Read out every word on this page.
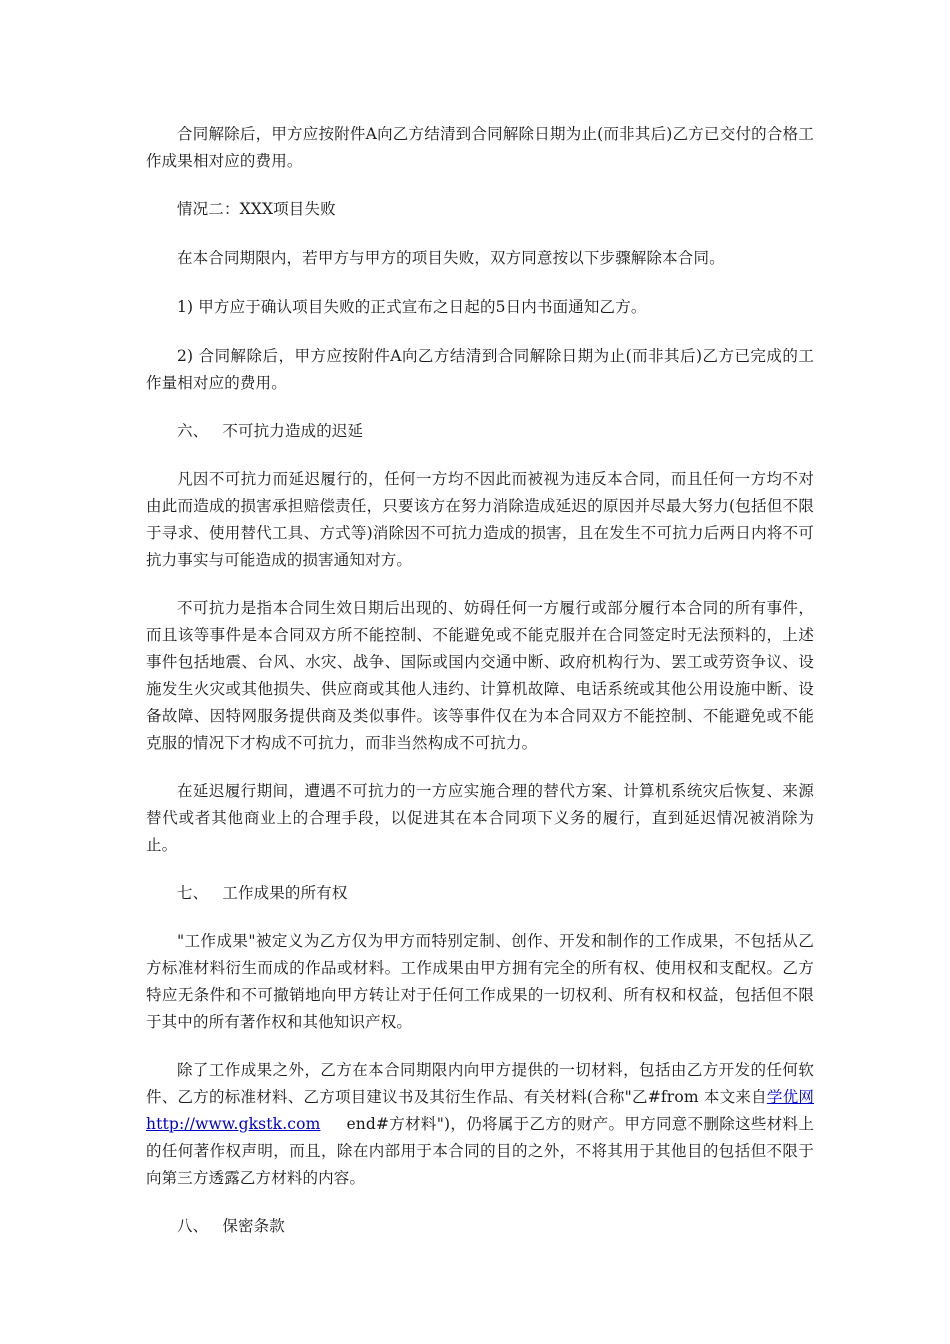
合同解除后，甲方应按附件A向乙方结清到合同解除日期为止(而非其后)乙方已交付的合格工作成果相对应的费用。

情况二：XXX项目失败

在本合同期限内，若甲方与甲方的项目失败，双方同意按以下步骤解除本合同。

1) 甲方应于确认项目失败的正式宣布之日起的5日内书面通知乙方。

2) 合同解除后，甲方应按附件A向乙方结清到合同解除日期为止(而非其后)乙方已完成的工作量相对应的费用。

六、 不可抗力造成的迟延

凡因不可抗力而延迟履行的，任何一方均不因此而被视为违反本合同，而且任何一方均不对由此而造成的损害承担赔偿责任，只要该方在努力消除造成延迟的原因并尽最大努力(包括但不限于寻求、使用替代工具、方式等)消除因不可抗力造成的损害，且在发生不可抗力后两日内将不可抗力事实与可能造成的损害通知对方。

不可抗力是指本合同生效日期后出现的、妨碍任何一方履行或部分履行本合同的所有事件，而且该等事件是本合同双方所不能控制、不能避免或不能克服并在合同签定时无法预料的，上述事件包括地震、台风、水灾、战争、国际或国内交通中断、政府机构行为、罢工或劳资争议、设施发生火灾或其他损失、供应商或其他人违约、计算机故障、电话系统或其他公用设施中断、设备故障、因特网服务提供商及类似事件。该等事件仅在为本合同双方不能控制、不能避免或不能克服的情况下才构成不可抗力，而非当然构成不可抗力。

在延迟履行期间，遭遇不可抗力的一方应实施合理的替代方案、计算机系统灾后恢复、来源替代或者其他商业上的合理手段，以促进其在本合同项下义务的履行，直到延迟情况被消除为止。

七、 工作成果的所有权

"工作成果"被定义为乙方仅为甲方而特别定制、创作、开发和制作的工作成果，不包括从乙方标准材料衍生而成的作品或材料。工作成果由甲方拥有完全的所有权、使用权和支配权。乙方特应无条件和不可撤销地向甲方转让对于任何工作成果的一切权利、所有权和权益，包括但不限于其中的所有著作权和其他知识产权。

除了工作成果之外，乙方在本合同期限内向甲方提供的一切材料，包括由乙方开发的任何软件、乙方的标准材料、乙方项目建议书及其衍生作品、有关材料(合称"乙#from 本文来自学优网 http://www.gkstk.com end#方材料")，仍将属于乙方的财产。甲方同意不删除这些材料上的任何著作权声明，而且，除在内部用于本合同的目的之外，不将其用于其他目的包括但不限于向第三方透露乙方材料的内容。

八、 保密条款
